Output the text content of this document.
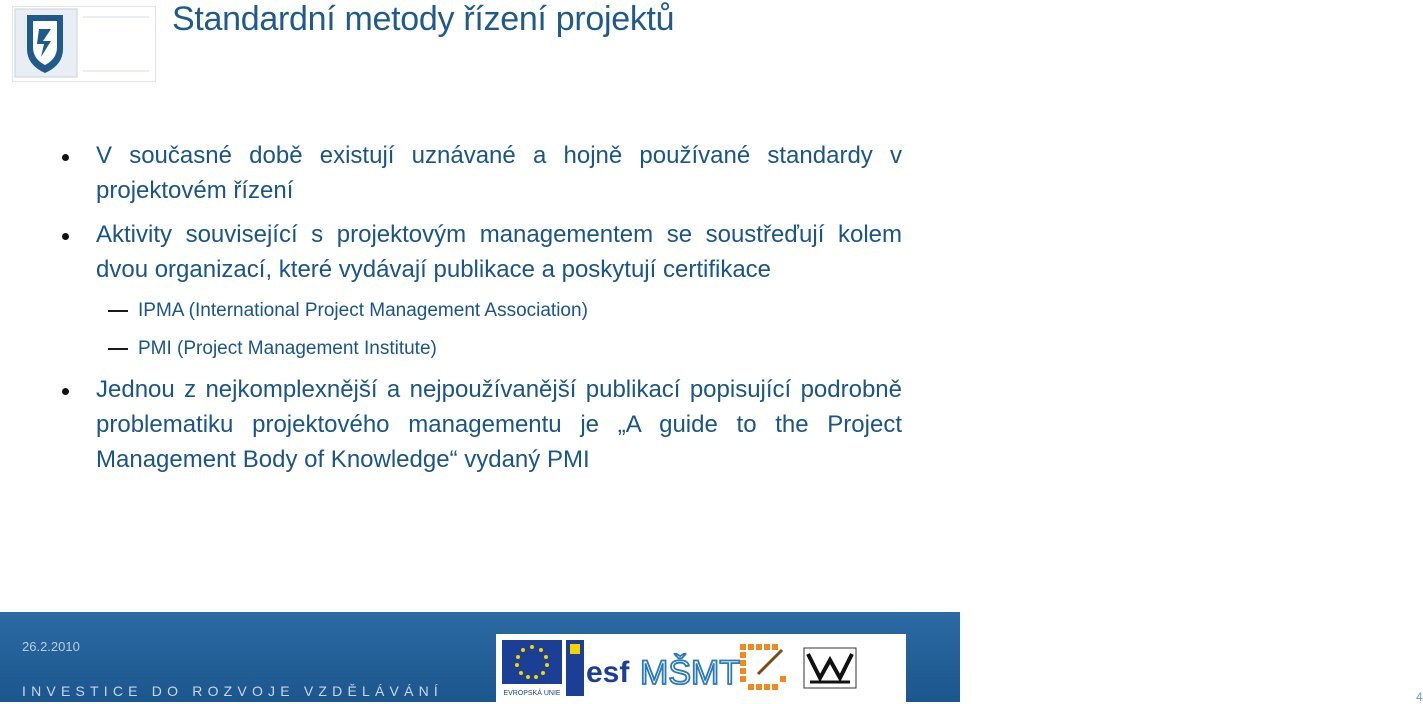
Standardní metody řízení projektů
V současné době existují uznávané a hojně používané standardy v projektovém řízení
Aktivity související s projektovým managementem se soustřeďují kolem dvou organizací, které vydávají publikace a poskytují certifikace
IPMA (International Project Management Association)
PMI (Project Management Institute)
Jednou z nejkomplexnější a nejpoužívanější publikací popisující podrobně problematiku projektového managementu je „A guide to the Project Management Body of Knowledge“ vydaný PMI
26.2.2010
INVESTICE DO ROZVOJE VZDĚLÁVÁNÍ	EVROPSKÁ UNIE
esf MŠMT
4
